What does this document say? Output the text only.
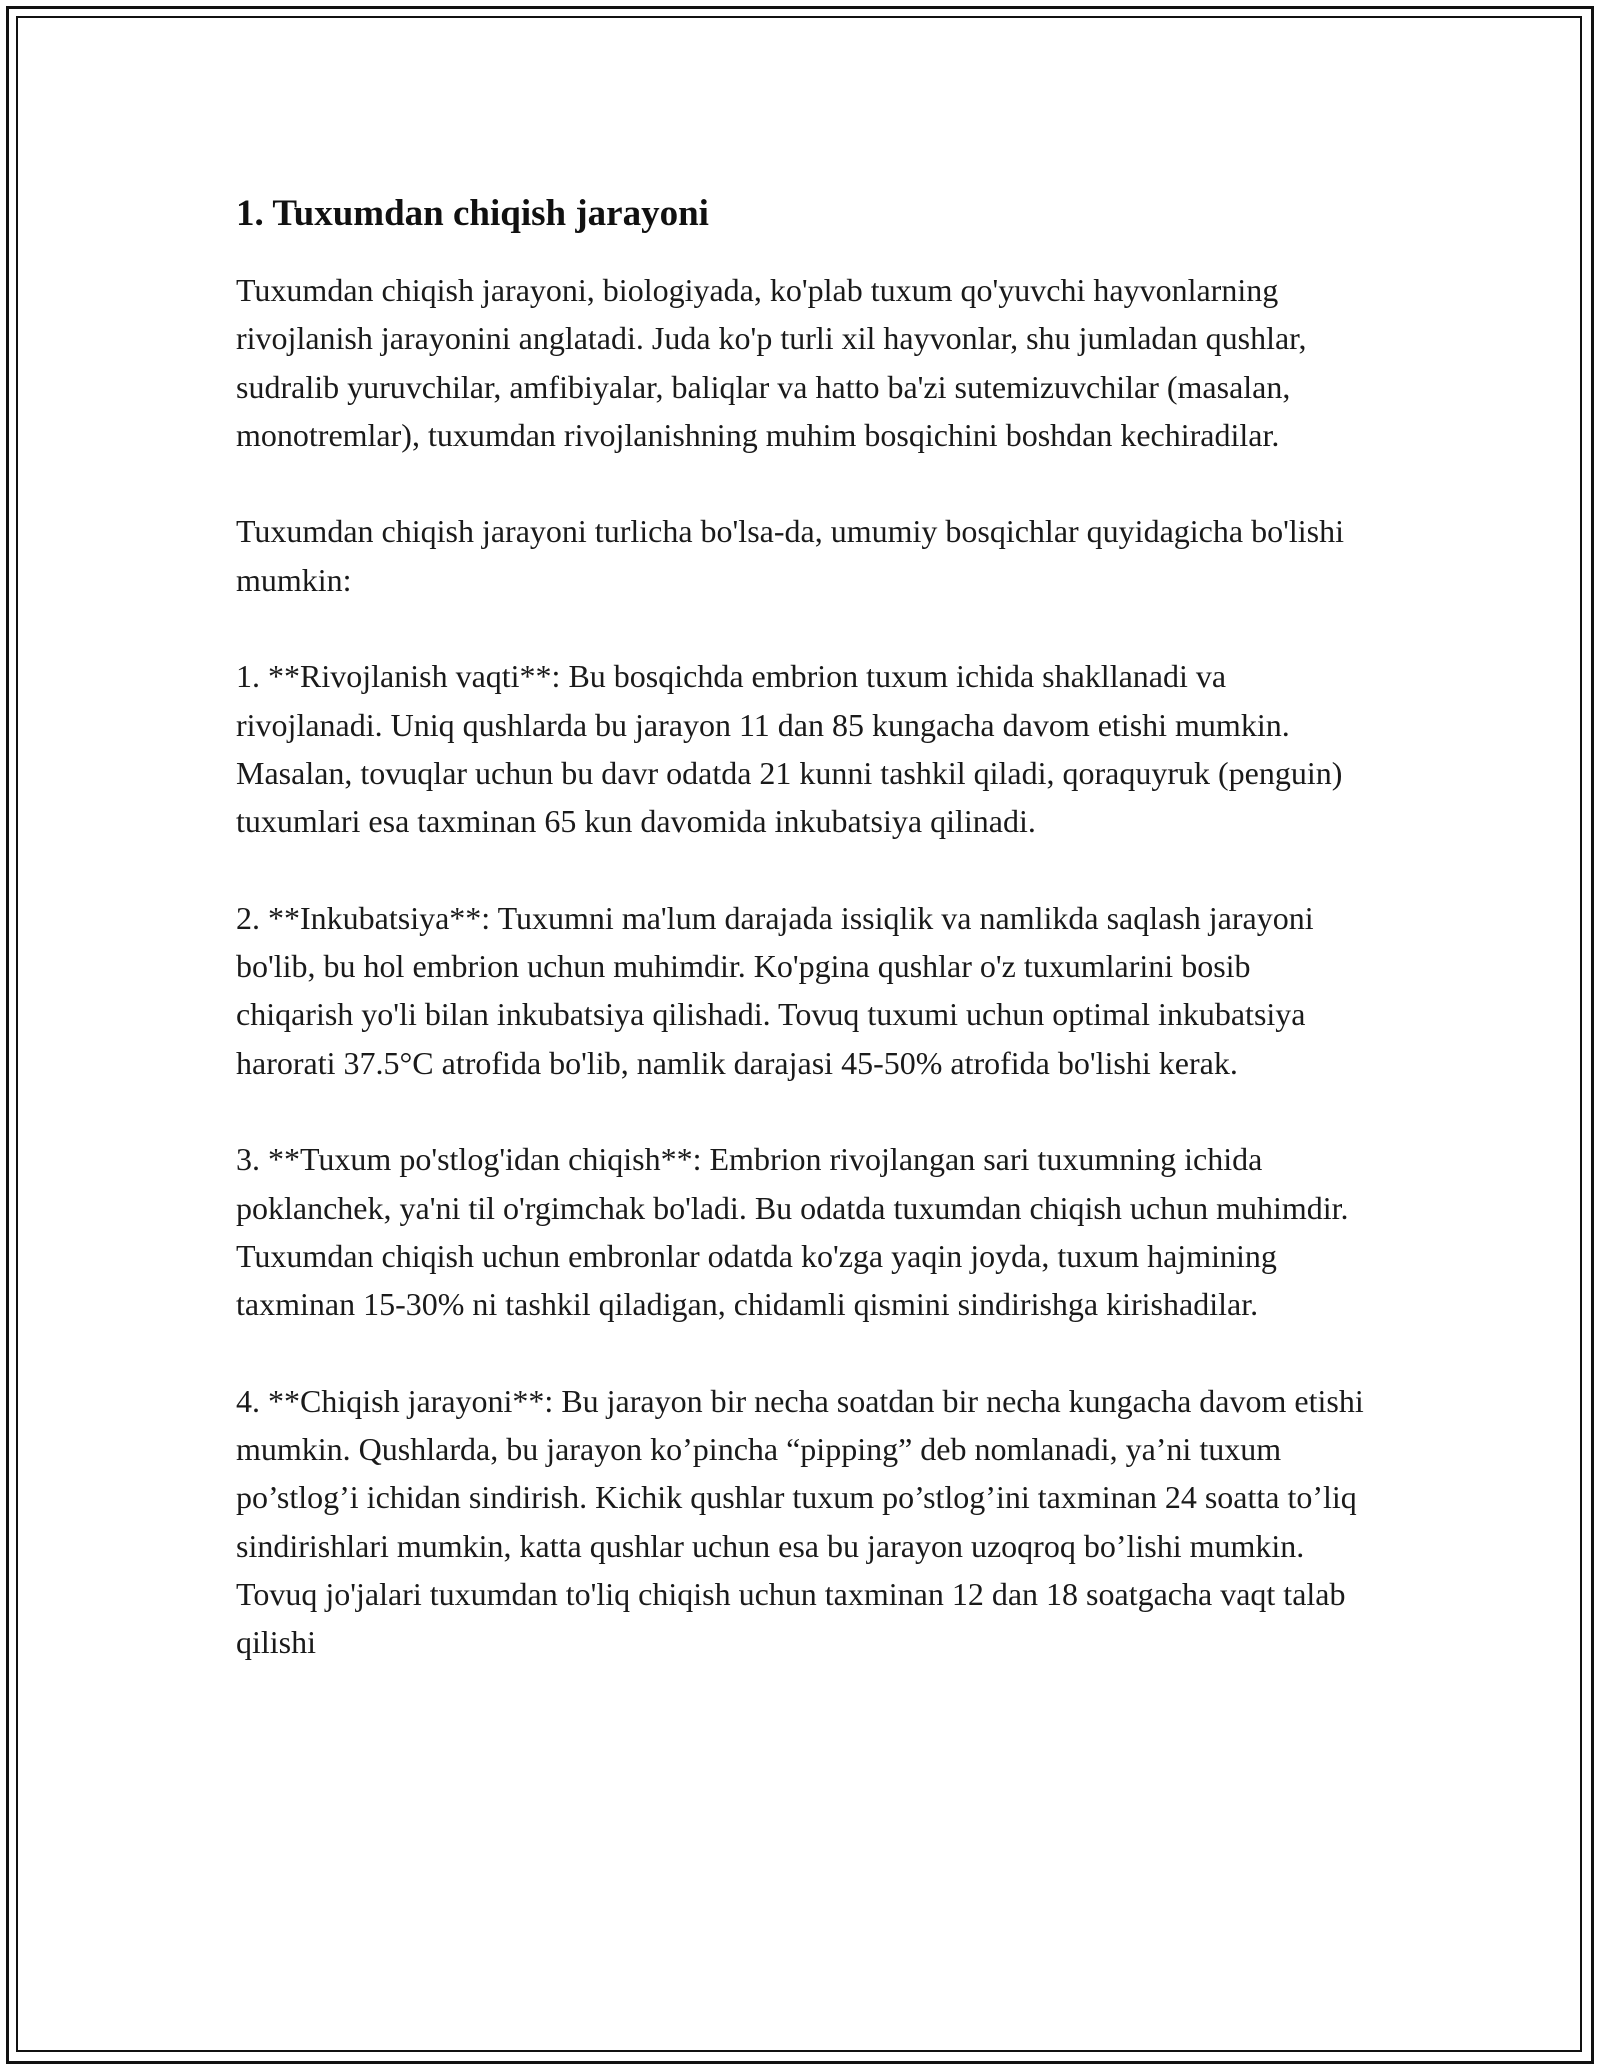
1. Tuxumdan chiqish jarayoni

Tuxumdan chiqish jarayoni, biologiyada, ko'plab tuxum qo'yuvchi hayvonlarning rivojlanish jarayonini anglatadi. Juda ko'p turli xil hayvonlar, shu jumladan qushlar, sudralib yuruvchilar, amfibiyalar, baliqlar va hatto ba'zi sutemizuvchilar (masalan, monotremlar), tuxumdan rivojlanishning muhim bosqichini boshdan kechiradilar.

Tuxumdan chiqish jarayoni turlicha bo'lsa-da, umumiy bosqichlar quyidagicha bo'lishi mumkin:

1. **Rivojlanish vaqti**: Bu bosqichda embrion tuxum ichida shakllanadi va rivojlanadi. Uniq qushlarda bu jarayon 11 dan 85 kungacha davom etishi mumkin. Masalan, tovuqlar uchun bu davr odatda 21 kunni tashkil qiladi, qoraquyruk (penguin) tuxumlari esa taxminan 65 kun davomida inkubatsiya qilinadi.

2. **Inkubatsiya**: Tuxumni ma'lum darajada issiqlik va namlikda saqlash jarayoni bo'lib, bu hol embrion uchun muhimdir. Ko'pgina qushlar o'z tuxumlarini bosib chiqarish yo'li bilan inkubatsiya qilishadi. Tovuq tuxumi uchun optimal inkubatsiya harorati 37.5°C atrofida bo'lib, namlik darajasi 45-50% atrofida bo'lishi kerak.

3. **Tuxum po'stlog'idan chiqish**: Embrion rivojlangan sari tuxumning ichida poklanchek, ya'ni til o'rgimchak bo'ladi. Bu odatda tuxumdan chiqish uchun muhimdir. Tuxumdan chiqish uchun embronlar odatda ko'zga yaqin joyda, tuxum hajmining taxminan 15-30% ni tashkil qiladigan, chidamli qismini sindirishga kirishadilar.

4. **Chiqish jarayoni**: Bu jarayon bir necha soatdan bir necha kungacha davom etishi mumkin. Qushlarda, bu jarayon ko’pincha “pipping” deb nomlanadi, ya’ni tuxum po’stlog’i ichidan sindirish. Kichik qushlar tuxum po’stlog’ini taxminan 24 soatta to’liq sindirishlari mumkin, katta qushlar uchun esa bu jarayon uzoqroq bo’lishi mumkin. Tovuq jo'jalari tuxumdan to'liq chiqish uchun taxminan 12 dan 18 soatgacha vaqt talab qilishi
